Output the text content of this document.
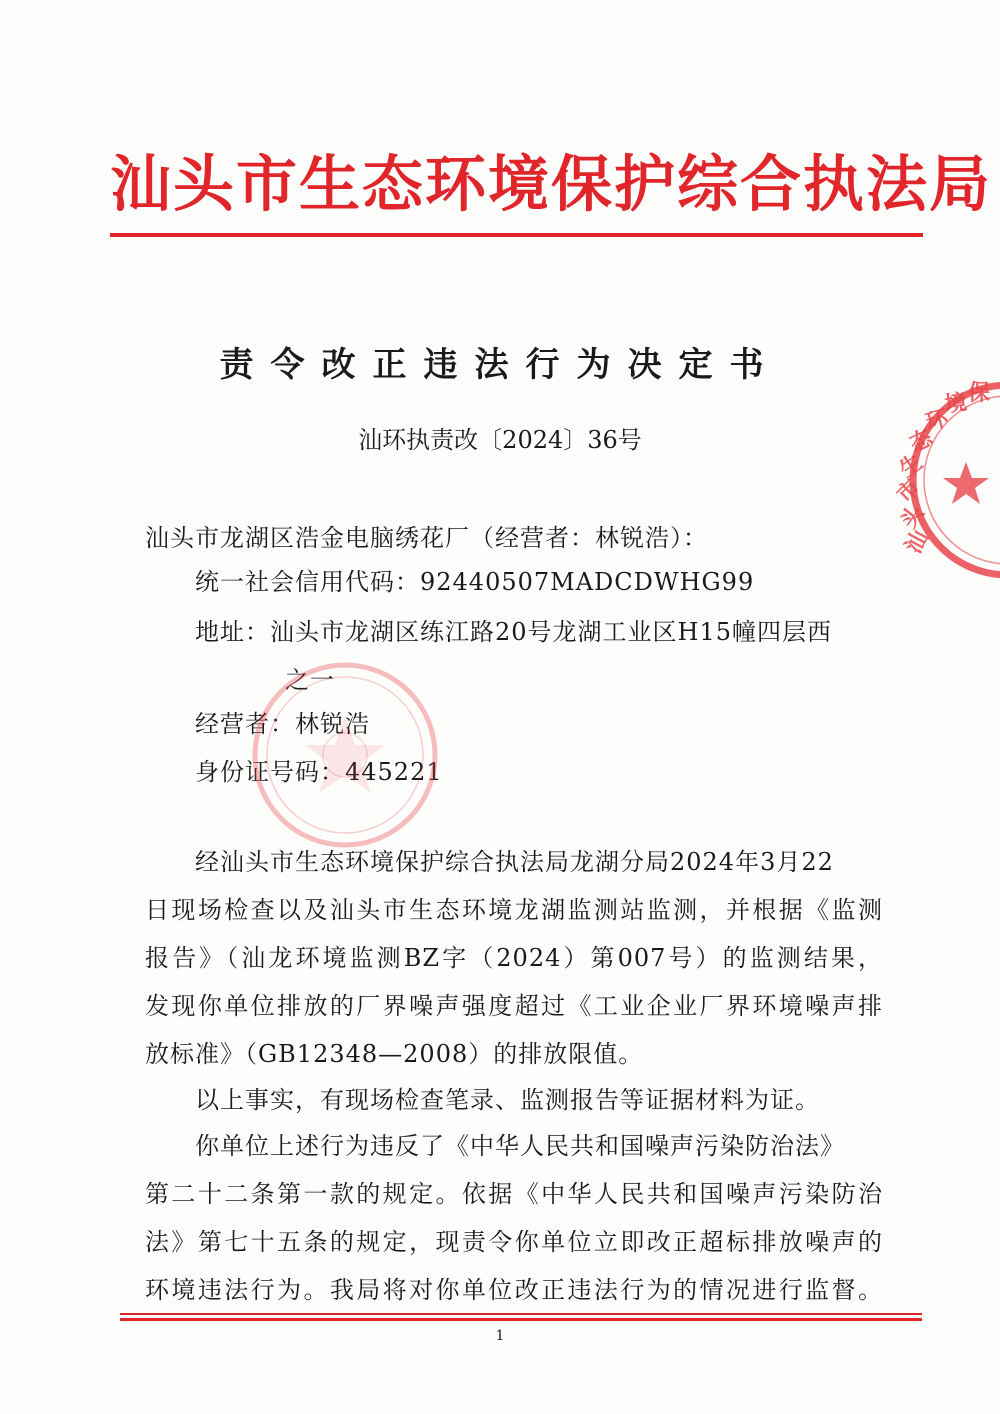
汕头市生态环境保护综合执法局
责令改正违法行为决定书
汕环执责改〔2024〕36号
汕头市龙湖区浩金电脑绣花厂（经营者：林锐浩）：
统一社会信用代码：92440507MADCDWHG99
地址：汕头市龙湖区练江路20号龙湖工业区H15幢四层西
之一
经营者：林锐浩
身份证号码：445221
经汕头市生态环境保护综合执法局龙湖分局2024年3月22
日现场检查以及汕头市生态环境龙湖监测站监测，并根据《监测
报告》（汕龙环境监测BZ字（2024）第007号）的监测结果，
发现你单位排放的厂界噪声强度超过《工业企业厂界环境噪声排
放标准》（GB12348—2008）的排放限值。
以上事实，有现场检查笔录、监测报告等证据材料为证。
你单位上述行为违反了《中华人民共和国噪声污染防治法》
第二十二条第一款的规定。依据《中华人民共和国噪声污染防治
法》第七十五条的规定，现责令你单位立即改正超标排放噪声的
环境违法行为。我局将对你单位改正违法行为的情况进行监督。
1
汕
头
市
生
态
环
境 保
